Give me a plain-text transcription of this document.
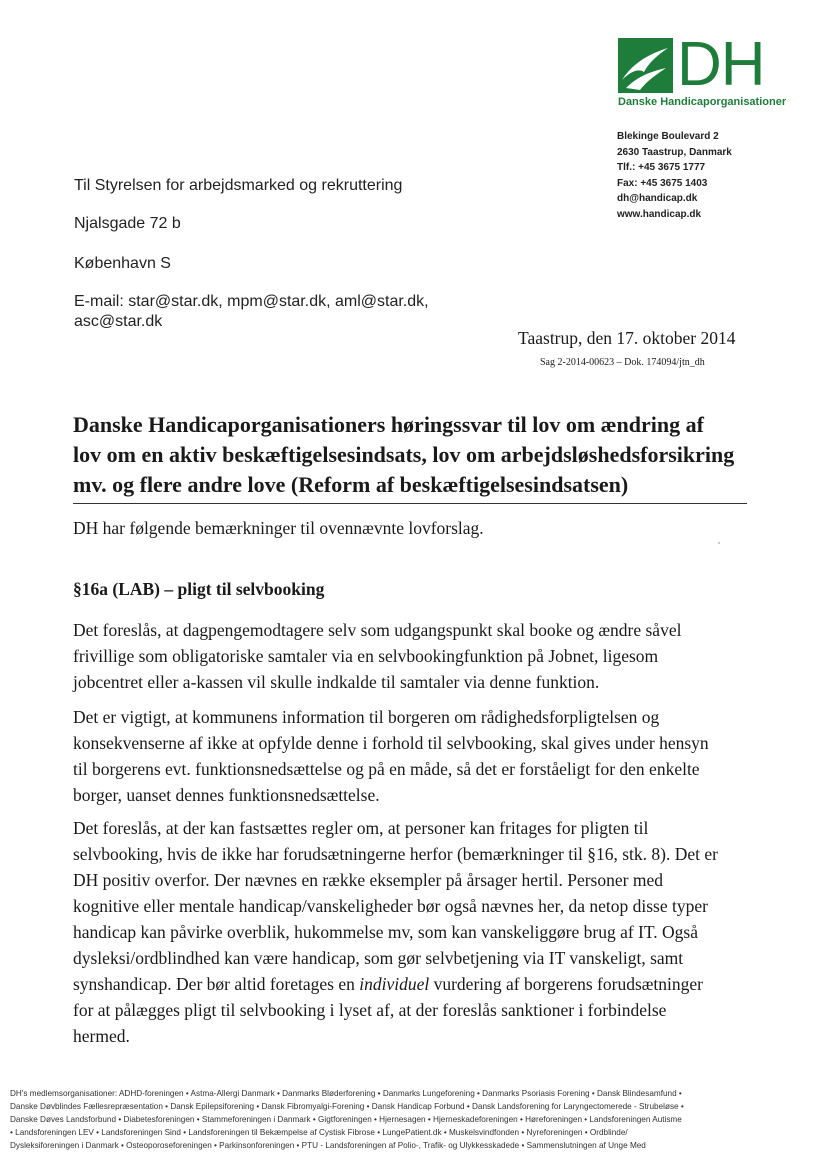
DH
Danske Handicaporganisationer
Blekinge Boulevard 2
2630 Taastrup, Danmark
Tlf.: +45 3675 1777
Fax: +45 3675 1403
dh@handicap.dk
www.handicap.dk
Til Styrelsen for arbejdsmarked og rekruttering
Njalsgade 72 b
København S
E-mail: star@star.dk, mpm@star.dk, aml@star.dk,
asc@star.dk
Taastrup, den 17. oktober 2014
Sag 2-2014-00623 – Dok. 174094/jtn_dh
Danske Handicaporganisationers høringssvar til lov om ændring af
lov om en aktiv beskæftigelsesindsats, lov om arbejdsløshedsforsikring
mv. og flere andre love (Reform af beskæftigelsesindsatsen)
DH har følgende bemærkninger til ovennævnte lovforslag.
§16a (LAB) – pligt til selvbooking
Det foreslås, at dagpengemodtagere selv som udgangspunkt skal booke og ændre såvel
frivillige som obligatoriske samtaler via en selvbookingfunktion på Jobnet, ligesom
jobcentret eller a-kassen vil skulle indkalde til samtaler via denne funktion.
Det er vigtigt, at kommunens information til borgeren om rådighedsforpligtelsen og
konsekvenserne af ikke at opfylde denne i forhold til selvbooking, skal gives under hensyn
til borgerens evt. funktionsnedsættelse og på en måde, så det er forståeligt for den enkelte
borger, uanset dennes funktionsnedsættelse.
Det foreslås, at der kan fastsættes regler om, at personer kan fritages for pligten til
selvbooking, hvis de ikke har forudsætningerne herfor (bemærkninger til §16, stk. 8). Det er
DH positiv overfor. Der nævnes en række eksempler på årsager hertil. Personer med
kognitive eller mentale handicap/vanskeligheder bør også nævnes her, da netop disse typer
handicap kan påvirke overblik, hukommelse mv, som kan vanskeliggøre brug af IT. Også
dysleksi/ordblindhed kan være handicap, som gør selvbetjening via IT vanskeligt, samt
synshandicap. Der bør altid foretages en individuel vurdering af borgerens forudsætninger
for at pålægges pligt til selvbooking i lyset af, at der foreslås sanktioner i forbindelse
hermed.
DH's medlemsorganisationer: ADHD-foreningen • Astma-Allergi Danmark • Danmarks Bløderforening • Danmarks Lungeforening • Danmarks Psoriasis Forening • Dansk Blindesamfund •
Danske Døvblindes Fællesrepræsentation • Dansk Epilepsiforening • Dansk Fibromyalgi-Forening • Dansk Handicap Forbund • Dansk Landsforening for Laryngectomerede - Strubeløse •
Danske Døves Landsforbund • Diabetesforeningen • Stammeforeningen i Danmark • Gigtforeningen • Hjernesagen • Hjerneskadeforeningen • Høreforeningen • Landsforeningen Autisme
• Landsforeningen LEV • Landsforeningen Sind • Landsforeningen til Bekæmpelse af Cystisk Fibrose • LungePatient.dk • Muskelsvindfonden • Nyreforeningen • Ordblinde/
Dysleksiforeningen i Danmark • Osteoporoseforeningen • Parkinsonforeningen • PTU - Landsforeningen af Polio-, Trafik- og Ulykkesskadede • Sammenslutningen af Unge Med
